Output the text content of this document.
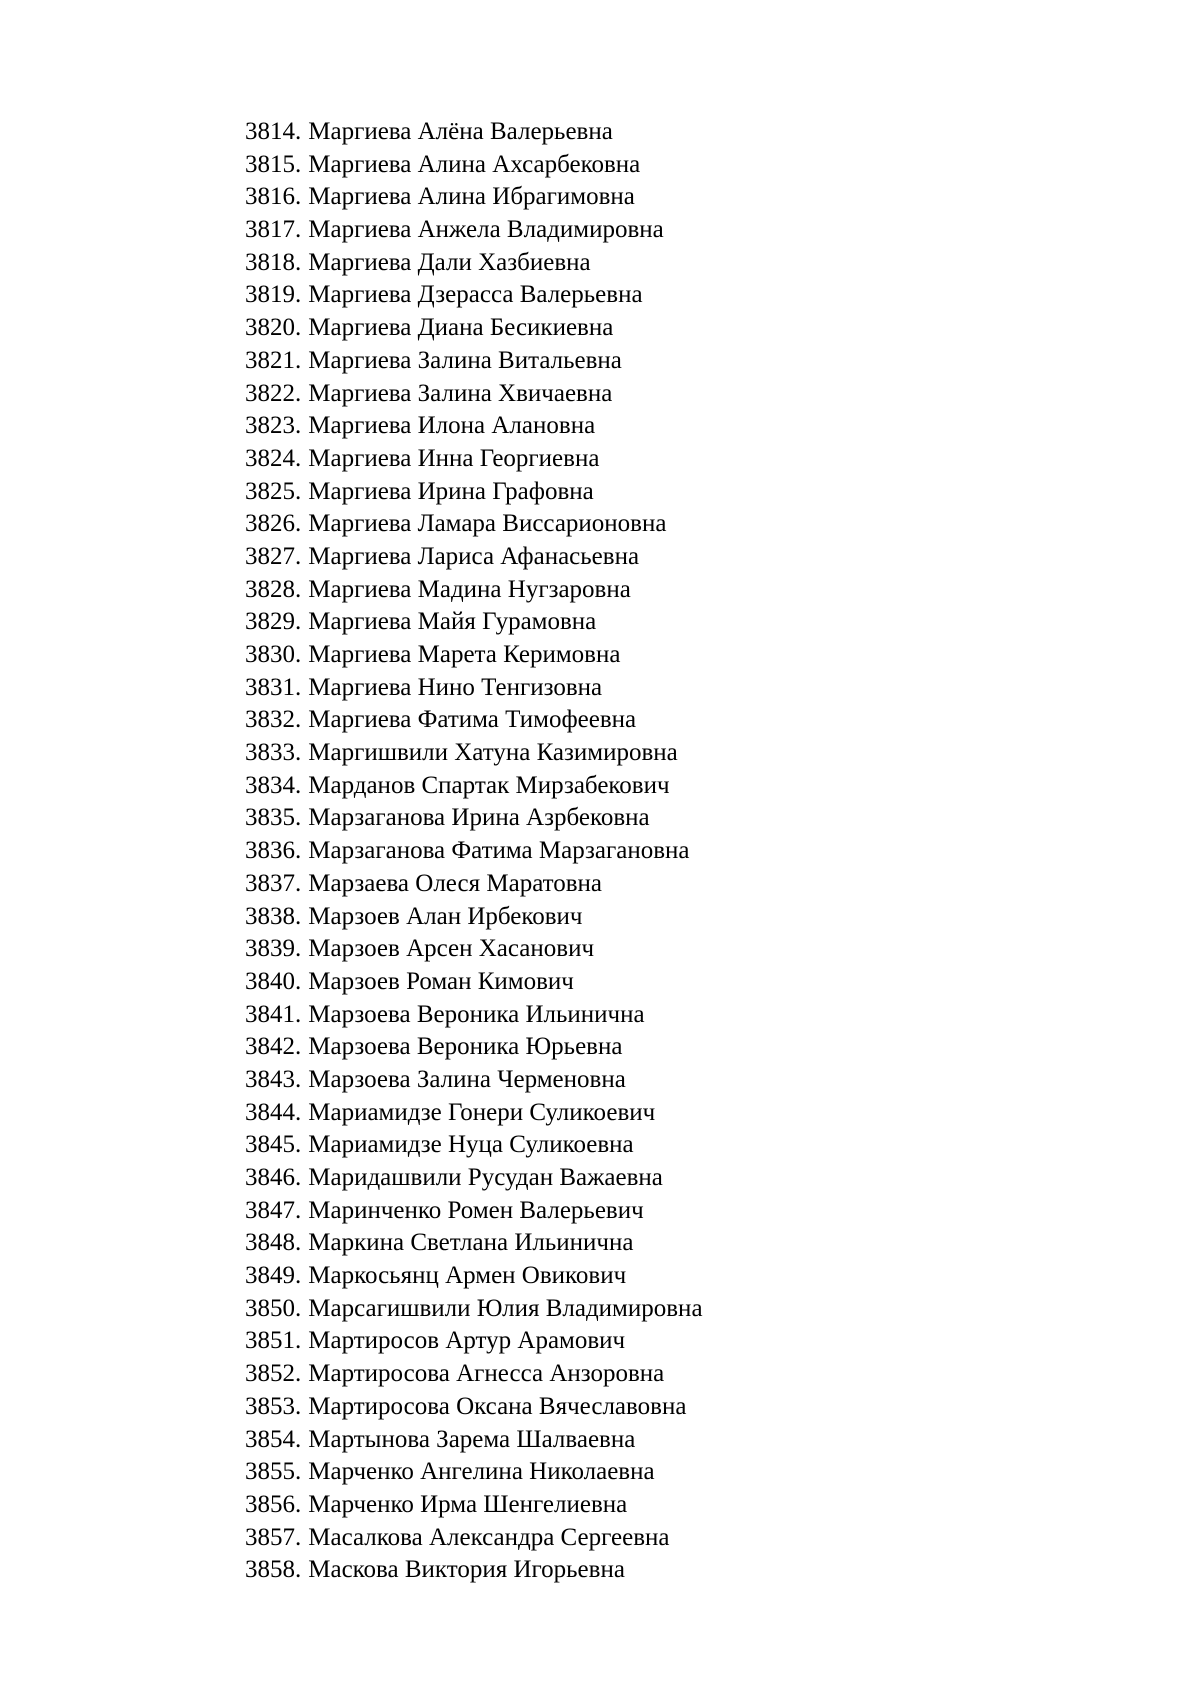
3814. Маргиева Алёна Валерьевна
3815. Маргиева Алина Ахсарбековна
3816. Маргиева Алина Ибрагимовна
3817. Маргиева Анжела Владимировна
3818. Маргиева Дали Хазбиевна
3819. Маргиева Дзерасса Валерьевна
3820. Маргиева Диана Бесикиевна
3821. Маргиева Залина Витальевна
3822. Маргиева Залина Хвичаевна
3823. Маргиева Илона Алановна
3824. Маргиева Инна Георгиевна
3825. Маргиева Ирина Графовна
3826. Маргиева Ламара Виссарионовна
3827. Маргиева Лариса Афанасьевна
3828. Маргиева Мадина Нугзаровна
3829. Маргиева Майя Гурамовна
3830. Маргиева Марета Керимовна
3831. Маргиева Нино Тенгизовна
3832. Маргиева Фатима Тимофеевна
3833. Маргишвили Хатуна Казимировна
3834. Марданов Спартак Мирзабекович
3835. Марзаганова Ирина Азрбековна
3836. Марзаганова Фатима Марзагановна
3837. Марзаева Олеся Маратовна
3838. Марзоев Алан Ирбекович
3839. Марзоев Арсен Хасанович
3840. Марзоев Роман Кимович
3841. Марзоева Вероника Ильинична
3842. Марзоева Вероника Юрьевна
3843. Марзоева Залина Черменовна
3844. Мариамидзе Гонери Суликоевич
3845. Мариамидзе Нуца Суликоевна
3846. Маридашвили Русудан Важаевна
3847. Маринченко Ромен Валерьевич
3848. Маркина Светлана Ильинична
3849. Маркосьянц Армен Овикович
3850. Марсагишвили Юлия Владимировна
3851. Мартиросов Артур Арамович
3852. Мартиросова Агнесса Анзоровна
3853. Мартиросова Оксана Вячеславовна
3854. Мартынова Зарема Шалваевна
3855. Марченко Ангелина Николаевна
3856. Марченко Ирма Шенгелиевна
3857. Масалкова Александра Сергеевна
3858. Маскова Виктория Игорьевна
